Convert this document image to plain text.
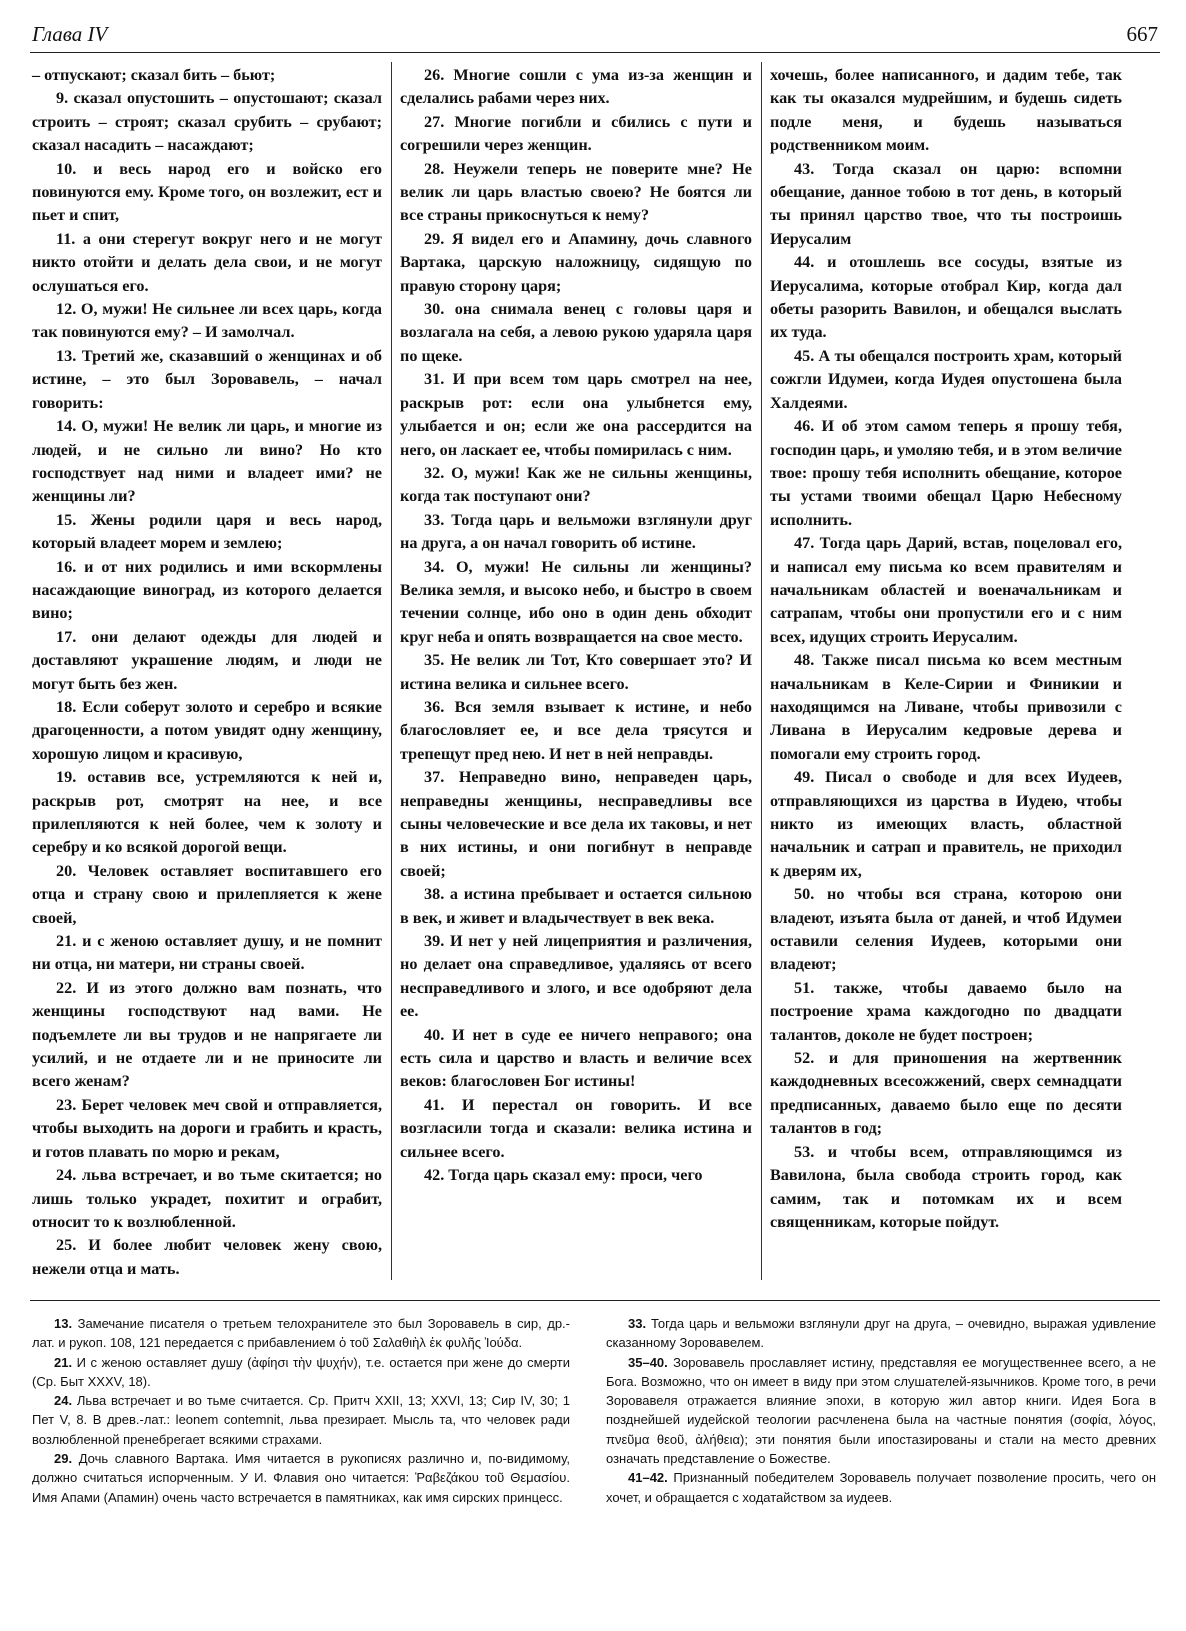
Глава IV	667

– отпускают; сказал бить – бьют;

9. сказал опустошить – опустошают; сказал строить – строят; сказал срубить – срубают; сказал насадить – насаждают;

10. и весь народ его и войско его повинуются ему. Кроме того, он возлежит, ест и пьет и спит,

11. а они стерегут вокруг него и не могут никто отойти и делать дела свои, и не могут ослушаться его.

12. О, мужи! Не сильнее ли всех царь, когда так повинуются ему? – И замолчал.

13. Третий же, сказавший о женщинах и об истине, – это был Зоровавель, – начал говорить:

14. О, мужи! Не велик ли царь, и многие из людей, и не сильно ли вино? Но кто господствует над ними и владеет ими? не женщины ли?

15. Жены родили царя и весь народ, который владеет морем и землею;

16. и от них родились и ими вскормлены насаждающие виноград, из которого делается вино;

17. они делают одежды для людей и доставляют украшение людям, и люди не могут быть без жен.

18. Если соберут золото и серебро и всякие драгоценности, а потом увидят одну женщину, хорошую лицом и красивую,

19. оставив все, устремляются к ней и, раскрыв рот, смотрят на нее, и все прилепляются к ней более, чем к золоту и серебру и ко всякой дорогой вещи.

20. Человек оставляет воспитавшего его отца и страну свою и прилепляется к жене своей,

21. и с женою оставляет душу, и не помнит ни отца, ни матери, ни страны своей.

22. И из этого должно вам познать, что женщины господствуют над вами. Не подъемлете ли вы трудов и не напрягаете ли усилий, и не отдаете ли и не приносите ли всего женам?

23. Берет человек меч свой и отправляется, чтобы выходить на дороги и грабить и красть, и готов плавать по морю и рекам,

24. льва встречает, и во тьме скитается; но лишь только украдет, похитит и ограбит, относит то к возлюбленной.

25. И более любит человек жену свою, нежели отца и мать.

26. Многие сошли с ума из-за женщин и сделались рабами через них.

27. Многие погибли и сбились с пути и согрешили через женщин.

28. Неужели теперь не поверите мне? Не велик ли царь властью своею? Не боятся ли все страны прикоснуться к нему?

29. Я видел его и Апамину, дочь славного Вартака, царскую наложницу, сидящую по правую сторону царя;

30. она снимала венец с головы царя и возлагала на себя, а левою рукою ударяла царя по щеке.

31. И при всем том царь смотрел на нее, раскрыв рот: если она улыбнется ему, улыбается и он; если же она рассердится на него, он ласкает ее, чтобы помирилась с ним.

32. О, мужи! Как же не сильны женщины, когда так поступают они?

33. Тогда царь и вельможи взглянули друг на друга, а он начал говорить об истине.

34. О, мужи! Не сильны ли женщины? Велика земля, и высоко небо, и быстро в своем течении солнце, ибо оно в один день обходит круг неба и опять возвращается на свое место.

35. Не велик ли Тот, Кто совершает это? И истина велика и сильнее всего.

36. Вся земля взывает к истине, и небо благословляет ее, и все дела трясутся и трепещут пред нею. И нет в ней неправды.

37. Неправедно вино, неправеден царь, неправедны женщины, несправедливы все сыны человеческие и все дела их таковы, и нет в них истины, и они погибнут в неправде своей;

38. а истина пребывает и остается сильною в век, и живет и владычествует в век века.

39. И нет у ней лицеприятия и различения, но делает она справедливое, удаляясь от всего несправедливого и злого, и все одобряют дела ее.

40. И нет в суде ее ничего неправого; она есть сила и царство и власть и величие всех веков: благословен Бог истины!

41. И перестал он говорить. И все возгласили тогда и сказали: велика истина и сильнее всего.

42. Тогда царь сказал ему: проси, чего

хочешь, более написанного, и дадим тебе, так как ты оказался мудрейшим, и будешь сидеть подле меня, и будешь называться родственником моим.

43. Тогда сказал он царю: вспомни обещание, данное тобою в тот день, в который ты принял царство твое, что ты построишь Иерусалим

44. и отошлешь все сосуды, взятые из Иерусалима, которые отобрал Кир, когда дал обеты разорить Вавилон, и обещался выслать их туда.

45. А ты обещался построить храм, который сожгли Идумеи, когда Иудея опустошена была Халдеями.

46. И об этом самом теперь я прошу тебя, господин царь, и умоляю тебя, и в этом величие твое: прошу тебя исполнить обещание, которое ты устами твоими обещал Царю Небесному исполнить.

47. Тогда царь Дарий, встав, поцеловал его, и написал ему письма ко всем правителям и начальникам областей и военачальникам и сатрапам, чтобы они пропустили его и с ним всех, идущих строить Иерусалим.

48. Также писал письма ко всем местным начальникам в Келе-Сирии и Финикии и находящимся на Ливане, чтобы привозили с Ливана в Иерусалим кедровые дерева и помогали ему строить город.

49. Писал о свободе и для всех Иудеев, отправляющихся из царства в Иудею, чтобы никто из имеющих власть, областной начальник и сатрап и правитель, не приходил к дверям их,

50. но чтобы вся страна, которою они владеют, изъята была от даней, и чтоб Идумеи оставили селения Иудеев, которыми они владеют;

51. также, чтобы даваемо было на построение храма каждогодно по двадцати талантов, доколе не будет построен;

52. и для приношения на жертвенник каждодневных всесожжений, сверх семнадцати предписанных, даваемо было еще по десяти талантов в год;

53. и чтобы всем, отправляющимся из Вавилона, была свобода строить город, как самим, так и потомкам их и всем священникам, которые пойдут.

13. Замечание писателя о третьем телохранителе это был Зоровавель в сир, др.-лат. и рукоп. 108, 121 передается с прибавлением ὁ τοῦ Σαλαθιὴλ ἐκ φυλῆς Ἰούδα.

21. И с женою оставляет душу (ἀφίησι τὴν ψυχήν), т.е. остается при жене до смерти (Ср. Быт XXXV, 18).

24. Льва встречает и во тьме считается. Ср. Притч XXII, 13; XXVI, 13; Сир IV, 30; 1 Пет V, 8. В древ.-лат.: leonem contemnit, льва презирает. Мысль та, что человек ради возлюбленной пренебрегает всякими страхами.

29. Дочь славного Вартака. Имя читается в рукописях различно и, по-видимому, должно считаться испорченным. У И. Флавия оно читается: Ῥαβεζάκου τοῦ Θεμασίου. Имя Апами (Апамин) очень часто встречается в памятниках, как имя сирских принцесс.

33. Тогда царь и вельможи взглянули друг на друга, – очевидно, выражая удивление сказанному Зоровавелем.

35–40. Зоровавель прославляет истину, представляя ее могущественнее всего, а не Бога. Возможно, что он имеет в виду при этом слушателей-язычников. Кроме того, в речи Зоровавеля отражается влияние эпохи, в которую жил автор книги. Идея Бога в позднейшей иудейской теологии расчленена была на частные понятия (σοφία, λόγος, πνεῦμα θεοῦ, ἀλήθεια); эти понятия были ипостазированы и стали на место древних означать представление о Божестве.

41–42. Признанный победителем Зоровавель получает позволение просить, чего он хочет, и обращается с ходатайством за иудеев.
